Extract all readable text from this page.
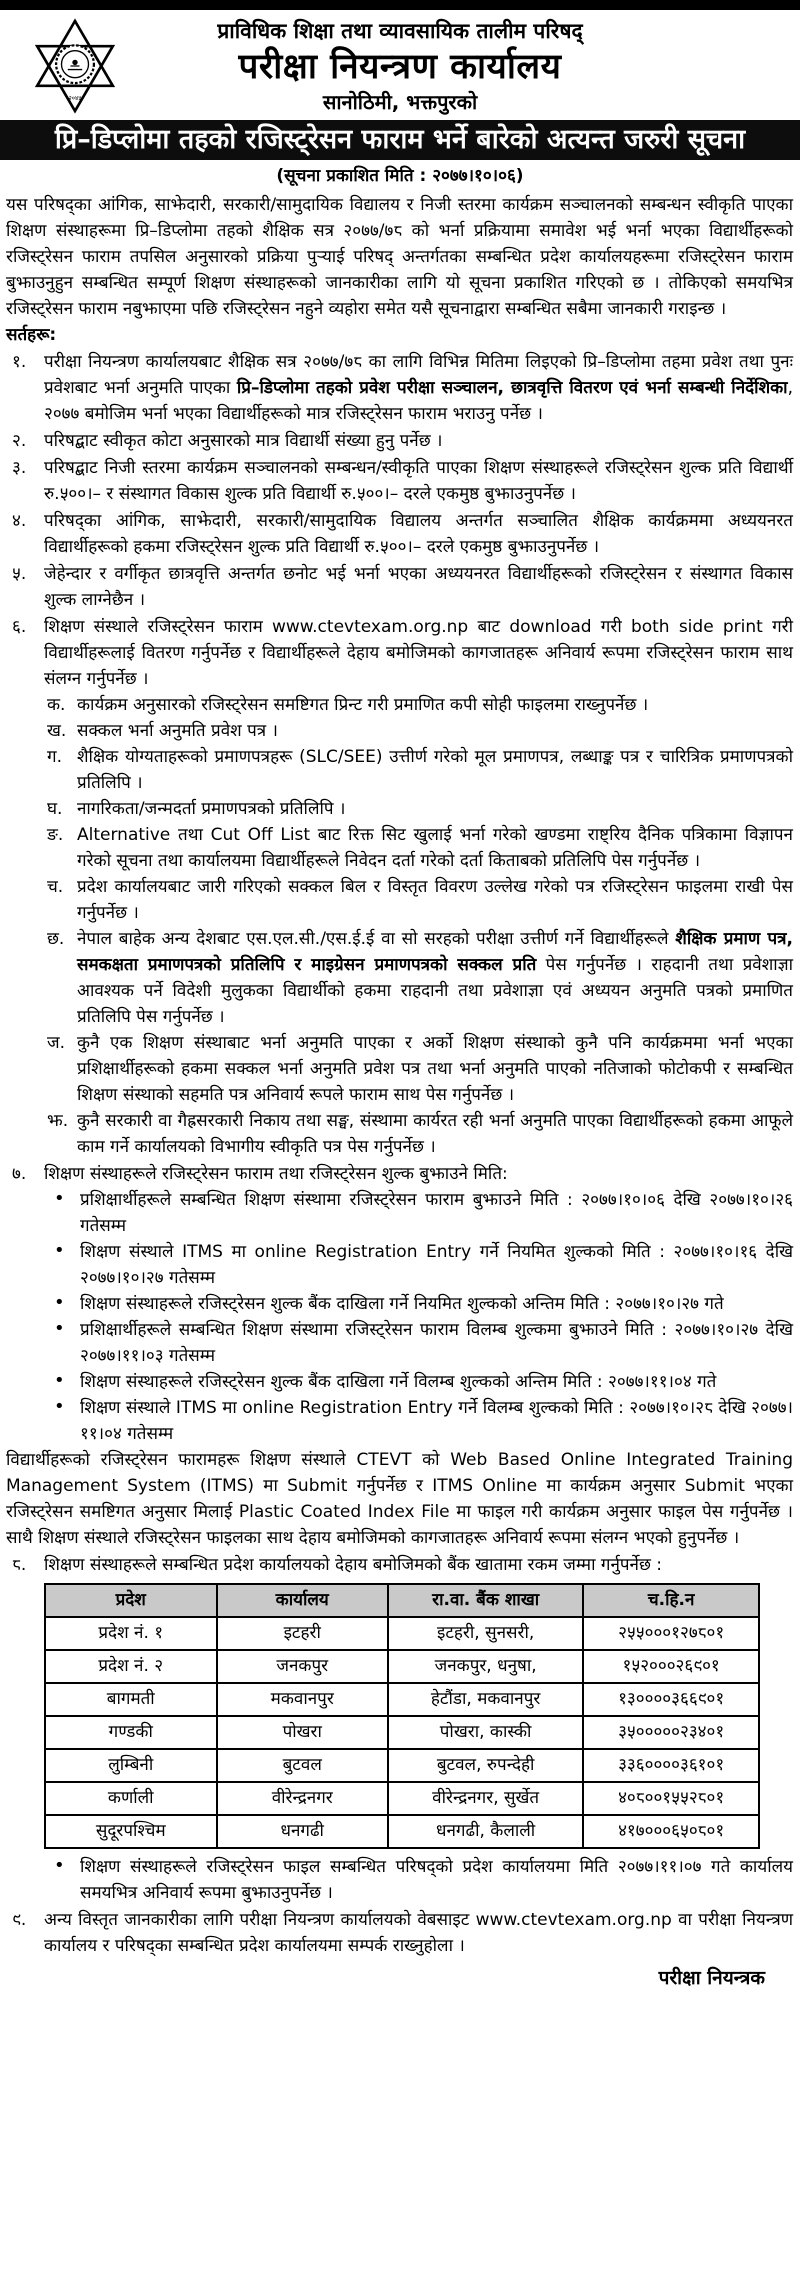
२०४५
प्राविधिक शिक्षा तथा व्यावसायिक तालीम परिषद्
परीक्षा नियन्त्रण कार्यालय
सानोठिमी, भक्तपुरको
प्रि–डिप्लोमा तहको रजिस्ट्रेसन फाराम भर्ने बारेको अत्यन्त जरुरी सूचना
(सूचना प्रकाशित मिति : २०७७।१०।०६)

यस परिषद्का आंगिक, साझेदारी, सरकारी/सामुदायिक विद्यालय र निजी स्तरमा कार्यक्रम सञ्चालनको सम्बन्धन स्वीकृति पाएका शिक्षण संस्थाहरूमा प्रि–डिप्लोमा तहको शैक्षिक सत्र २०७७/७८ को भर्ना प्रक्रियामा समावेश भई भर्ना भएका विद्यार्थीहरूको रजिस्ट्रेसन फाराम तपसिल अनुसारको प्रक्रिया पुऱ्याई परिषद् अन्तर्गतका सम्बन्धित प्रदेश कार्यालयहरूमा रजिस्ट्रेसन फाराम बुझाउनुहुन सम्बन्धित सम्पूर्ण शिक्षण संस्थाहरूको जानकारीका लागि यो सूचना प्रकाशित गरिएको छ । तोकिएको समयभित्र रजिस्ट्रेसन फाराम नबुझाएमा पछि रजिस्ट्रेसन नहुने व्यहोरा समेत यसै सूचनाद्वारा सम्बन्धित सबैमा जानकारी गराइन्छ ।

सर्तहरू:
१. परीक्षा नियन्त्रण कार्यालयबाट शैक्षिक सत्र २०७७/७८ का लागि विभिन्न मितिमा लिइएको प्रि–डिप्लोमा तहमा प्रवेश तथा पुनः प्रवेशबाट भर्ना अनुमति पाएका प्रि–डिप्लोमा तहको प्रवेश परीक्षा सञ्चालन, छात्रवृत्ति वितरण एवं भर्ना सम्बन्धी निर्देशिका, २०७७ बमोजिम भर्ना भएका विद्यार्थीहरूको मात्र रजिस्ट्रेसन फाराम भराउनु पर्नेछ ।
२. परिषद्बाट स्वीकृत कोटा अनुसारको मात्र विद्यार्थी संख्या हुनु पर्नेछ ।
३. परिषद्बाट निजी स्तरमा कार्यक्रम सञ्चालनको सम्बन्धन/स्वीकृति पाएका शिक्षण संस्थाहरूले रजिस्ट्रेसन शुल्क प्रति विद्यार्थी रु.५००।– र संस्थागत विकास शुल्क प्रति विद्यार्थी रु.५००।– दरले एकमुष्ठ बुझाउनुपर्नेछ ।
४. परिषद्का आंगिक, साझेदारी, सरकारी/सामुदायिक विद्यालय अन्तर्गत सञ्चालित शैक्षिक कार्यक्रममा अध्ययनरत विद्यार्थीहरूको हकमा रजिस्ट्रेसन शुल्क प्रति विद्यार्थी रु.५००।– दरले एकमुष्ठ बुझाउनुपर्नेछ ।
५. जेहेन्दार र वर्गीकृत छात्रवृत्ति अन्तर्गत छनोट भई भर्ना भएका अध्ययनरत विद्यार्थीहरूको रजिस्ट्रेसन र संस्थागत विकास शुल्क लाग्नेछैन ।
६. शिक्षण संस्थाले रजिस्ट्रेसन फाराम www.ctevtexam.org.np बाट download गरी both side print गरी विद्यार्थीहरूलाई वितरण गर्नुपर्नेछ र विद्यार्थीहरूले देहाय बमोजिमको कागजातहरू अनिवार्य रूपमा रजिस्ट्रेसन फाराम साथ संलग्न गर्नुपर्नेछ ।
क. कार्यक्रम अनुसारको रजिस्ट्रेसन समष्टिगत प्रिन्ट गरी प्रमाणित कपी सोही फाइलमा राख्नुपर्नेछ ।
ख. सक्कल भर्ना अनुमति प्रवेश पत्र ।
ग. शैक्षिक योग्यताहरूको प्रमाणपत्रहरू (SLC/SEE) उत्तीर्ण गरेको मूल प्रमाणपत्र, लब्धाङ्क पत्र र चारित्रिक प्रमाणपत्रको प्रतिलिपि ।
घ. नागरिकता/जन्मदर्ता प्रमाणपत्रको प्रतिलिपि ।
ङ. Alternative तथा Cut Off List बाट रिक्त सिट खुलाई भर्ना गरेको खण्डमा राष्ट्रिय दैनिक पत्रिकामा विज्ञापन गरेको सूचना तथा कार्यालयमा विद्यार्थीहरूले निवेदन दर्ता गरेको दर्ता किताबको प्रतिलिपि पेस गर्नुपर्नेछ ।
च. प्रदेश कार्यालयबाट जारी गरिएको सक्कल बिल र विस्तृत विवरण उल्लेख गरेको पत्र रजिस्ट्रेसन फाइलमा राखी पेस गर्नुपर्नेछ ।
छ. नेपाल बाहेक अन्य देशबाट एस.एल.सी./एस.ई.ई वा सो सरहको परीक्षा उत्तीर्ण गर्ने विद्यार्थीहरूले शैक्षिक प्रमाण पत्र, समकक्षता प्रमाणपत्रको प्रतिलिपि र माइग्रेसन प्रमाणपत्रको सक्कल प्रति पेस गर्नुपर्नेछ । राहदानी तथा प्रवेशाज्ञा आवश्यक पर्ने विदेशी मुलुकका विद्यार्थीको हकमा राहदानी तथा प्रवेशाज्ञा एवं अध्ययन अनुमति पत्रको प्रमाणित प्रतिलिपि पेस गर्नुपर्नेछ ।
ज. कुनै एक शिक्षण संस्थाबाट भर्ना अनुमति पाएका र अर्को शिक्षण संस्थाको कुनै पनि कार्यक्रममा भर्ना भएका प्रशिक्षार्थीहरूको हकमा सक्कल भर्ना अनुमति प्रवेश पत्र तथा भर्ना अनुमति पाएको नतिजाको फोटोकपी र सम्बन्धित शिक्षण संस्थाको सहमति पत्र अनिवार्य रूपले फाराम साथ पेस गर्नुपर्नेछ ।
झ. कुनै सरकारी वा गैह्रसरकारी निकाय तथा सङ्घ, संस्थामा कार्यरत रही भर्ना अनुमति पाएका विद्यार्थीहरूको हकमा आफूले काम गर्ने कार्यालयको विभागीय स्वीकृति पत्र पेस गर्नुपर्नेछ ।
७. शिक्षण संस्थाहरूले रजिस्ट्रेसन फाराम तथा रजिस्ट्रेसन शुल्क बुझाउने मिति:
• प्रशिक्षार्थीहरूले सम्बन्धित शिक्षण संस्थामा रजिस्ट्रेसन फाराम बुझाउने मिति : २०७७।१०।०६ देखि २०७७।१०।२६ गतेसम्म
• शिक्षण संस्थाले ITMS मा online Registration Entry गर्ने नियमित शुल्कको मिति : २०७७।१०।१६ देखि २०७७।१०।२७ गतेसम्म
• शिक्षण संस्थाहरूले रजिस्ट्रेसन शुल्क बैंक दाखिला गर्ने नियमित शुल्कको अन्तिम मिति : २०७७।१०।२७ गते
• प्रशिक्षार्थीहरूले सम्बन्धित शिक्षण संस्थामा रजिस्ट्रेसन फाराम विलम्ब शुल्कमा बुझाउने मिति : २०७७।१०।२७ देखि २०७७।११।०३ गतेसम्म
• शिक्षण संस्थाहरूले रजिस्ट्रेसन शुल्क बैंक दाखिला गर्ने विलम्ब शुल्कको अन्तिम मिति : २०७७।११।०४ गते
• शिक्षण संस्थाले ITMS मा online Registration Entry गर्ने विलम्ब शुल्कको मिति : २०७७।१०।२८ देखि २०७७।११।०४ गतेसम्म
विद्यार्थीहरूको रजिस्ट्रेसन फारामहरू शिक्षण संस्थाले CTEVT को Web Based Online Integrated Training Management System (ITMS) मा Submit गर्नुपर्नेछ र ITMS Online मा कार्यक्रम अनुसार Submit भएका रजिस्ट्रेसन समष्टिगत अनुसार मिलाई Plastic Coated Index File मा फाइल गरी कार्यक्रम अनुसार फाइल पेस गर्नुपर्नेछ । साथै शिक्षण संस्थाले रजिस्ट्रेसन फाइलका साथ देहाय बमोजिमको कागजातहरू अनिवार्य रूपमा संलग्न भएको हुनुपर्नेछ ।
८. शिक्षण संस्थाहरूले सम्बन्धित प्रदेश कार्यालयको देहाय बमोजिमको बैंक खातामा रकम जम्मा गर्नुपर्नेछ :
प्रदेश	कार्यालय	रा.वा. बैंक शाखा	च.हि.न
प्रदेश नं. १	इटहरी	इटहरी, सुनसरी,	२५५०००१२७८०१
प्रदेश नं. २	जनकपुर	जनकपुर, धनुषा,	१५२०००२६९०१
बागमती	मकवानपुर	हेटौंडा, मकवानपुर	१३००००३६६९०१
गण्डकी	पोखरा	पोखरा, कास्की	३५०००००२३४०१
लुम्बिनी	बुटवल	बुटवल, रुपन्देही	३३६००००३६१०१
कर्णाली	वीरेन्द्रनगर	वीरेन्द्रनगर, सुर्खेत	४०८००१५५२८०१
सुदूरपश्चिम	धनगढी	धनगढी, कैलाली	४१७०००६५०८०१
• शिक्षण संस्थाहरूले रजिस्ट्रेसन फाइल सम्बन्धित परिषद्को प्रदेश कार्यालयमा मिति २०७७।११।०७ गते कार्यालय समयभित्र अनिवार्य रूपमा बुझाउनुपर्नेछ ।
९. अन्य विस्तृत जानकारीका लागि परीक्षा नियन्त्रण कार्यालयको वेबसाइट www.ctevtexam.org.np वा परीक्षा नियन्त्रण कार्यालय र परिषद्का सम्बन्धित प्रदेश कार्यालयमा सम्पर्क राख्नुहोला ।
परीक्षा नियन्त्रक
